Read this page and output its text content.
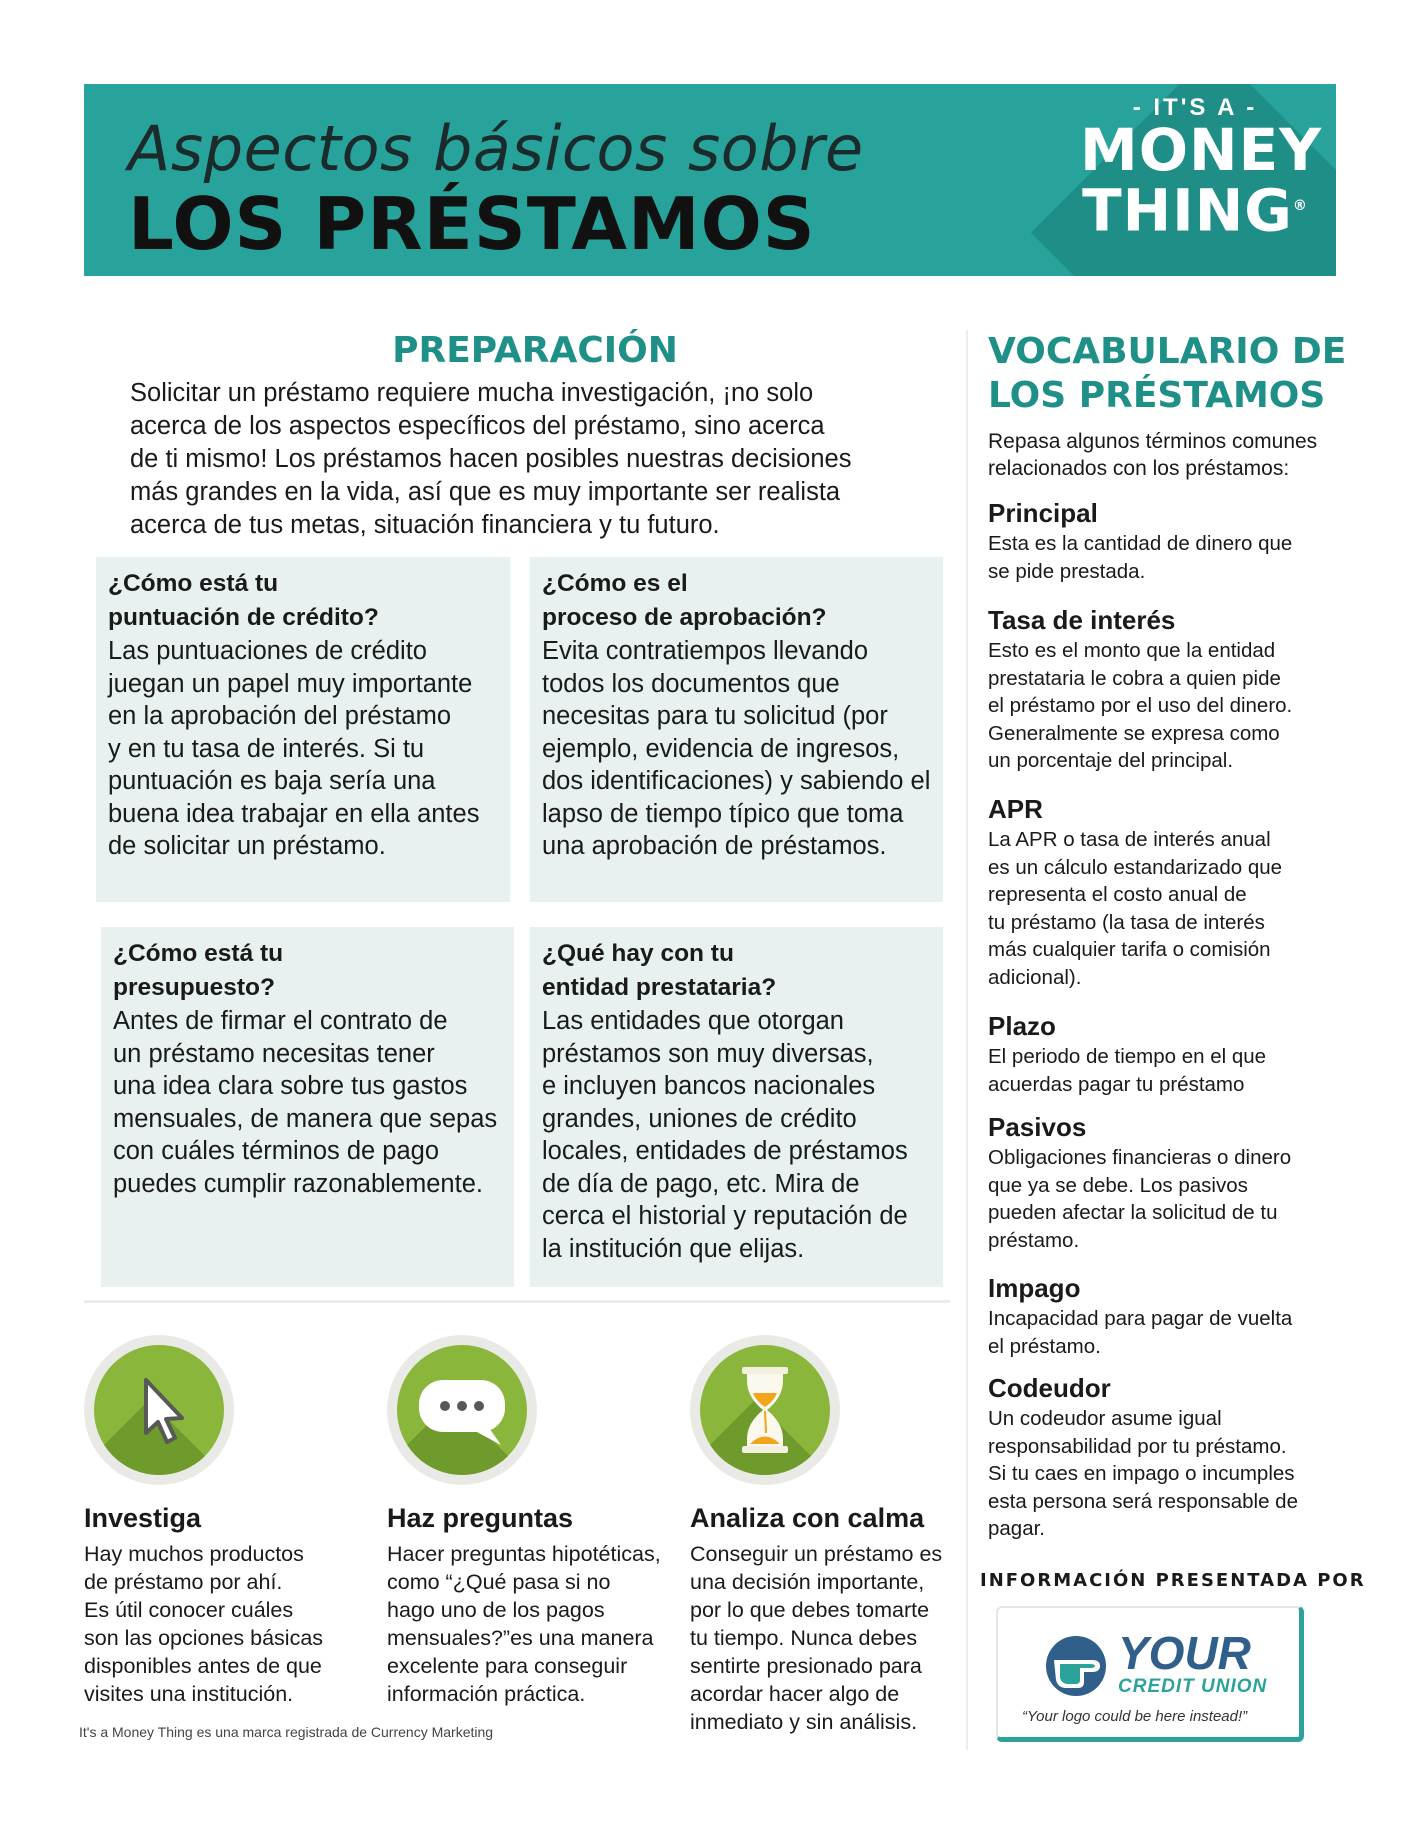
Aspectos básicos sobre
LOS PRÉSTAMOS
- IT'S A -
MONEY
THING®
PREPARACIÓN
Solicitar un préstamo requiere mucha investigación, ¡no solo
acerca de los aspectos específicos del préstamo, sino acerca
de ti mismo! Los préstamos hacen posibles nuestras decisiones
más grandes en la vida, así que es muy importante ser realista
acerca de tus metas, situación financiera y tu futuro.
¿Cómo está tu
puntuación de crédito?
Las puntuaciones de crédito
juegan un papel muy importante
en la aprobación del préstamo
y en tu tasa de interés. Si tu
puntuación es baja sería una
buena idea trabajar en ella antes
de solicitar un préstamo.
¿Cómo es el
proceso de aprobación?
Evita contratiempos llevando
todos los documentos que
necesitas para tu solicitud (por
ejemplo, evidencia de ingresos,
dos identificaciones) y sabiendo el
lapso de tiempo típico que toma
una aprobación de préstamos.
¿Cómo está tu
presupuesto?
Antes de firmar el contrato de
un préstamo necesitas tener
una idea clara sobre tus gastos
mensuales, de manera que sepas
con cuáles términos de pago
puedes cumplir razonablemente.
¿Qué hay con tu
entidad prestataria?
Las entidades que otorgan
préstamos son muy diversas,
e incluyen bancos nacionales
grandes, uniones de crédito
locales, entidades de préstamos
de día de pago, etc. Mira de
cerca el historial y reputación de
la institución que elijas.
Investiga
Hay muchos productos
de préstamo por ahí.
Es útil conocer cuáles
son las opciones básicas
disponibles antes de que
visites una institución.
Haz preguntas
Hacer preguntas hipotéticas,
como “¿Qué pasa si no
hago uno de los pagos
mensuales?”es una manera
excelente para conseguir
información práctica.
Analiza con calma
Conseguir un préstamo es
una decisión importante,
por lo que debes tomarte
tu tiempo. Nunca debes
sentirte presionado para
acordar hacer algo de
inmediato y sin análisis.
VOCABULARIO DE
LOS PRÉSTAMOS
Repasa algunos términos comunes
relacionados con los préstamos:
Principal
Esta es la cantidad de dinero que
se pide prestada.
Tasa de interés
Esto es el monto que la entidad
prestataria le cobra a quien pide
el préstamo por el uso del dinero.
Generalmente se expresa como
un porcentaje del principal.
APR
La APR o tasa de interés anual
es un cálculo estandarizado que
representa el costo anual de
tu préstamo (la tasa de interés
más cualquier tarifa o comisión
adicional).
Plazo
El periodo de tiempo en el que
acuerdas pagar tu préstamo
Pasivos
Obligaciones financieras o dinero
que ya se debe. Los pasivos
pueden afectar la solicitud de tu
préstamo.
Impago
Incapacidad para pagar de vuelta
el préstamo.
Codeudor
Un codeudor asume igual
responsabilidad por tu préstamo.
Si tu caes en impago o incumples
esta persona será responsable de
pagar.
INFORMACIÓN PRESENTADA POR
YOUR
CREDIT UNION
“Your logo could be here instead!”
It's a Money Thing es una marca registrada de Currency Marketing
